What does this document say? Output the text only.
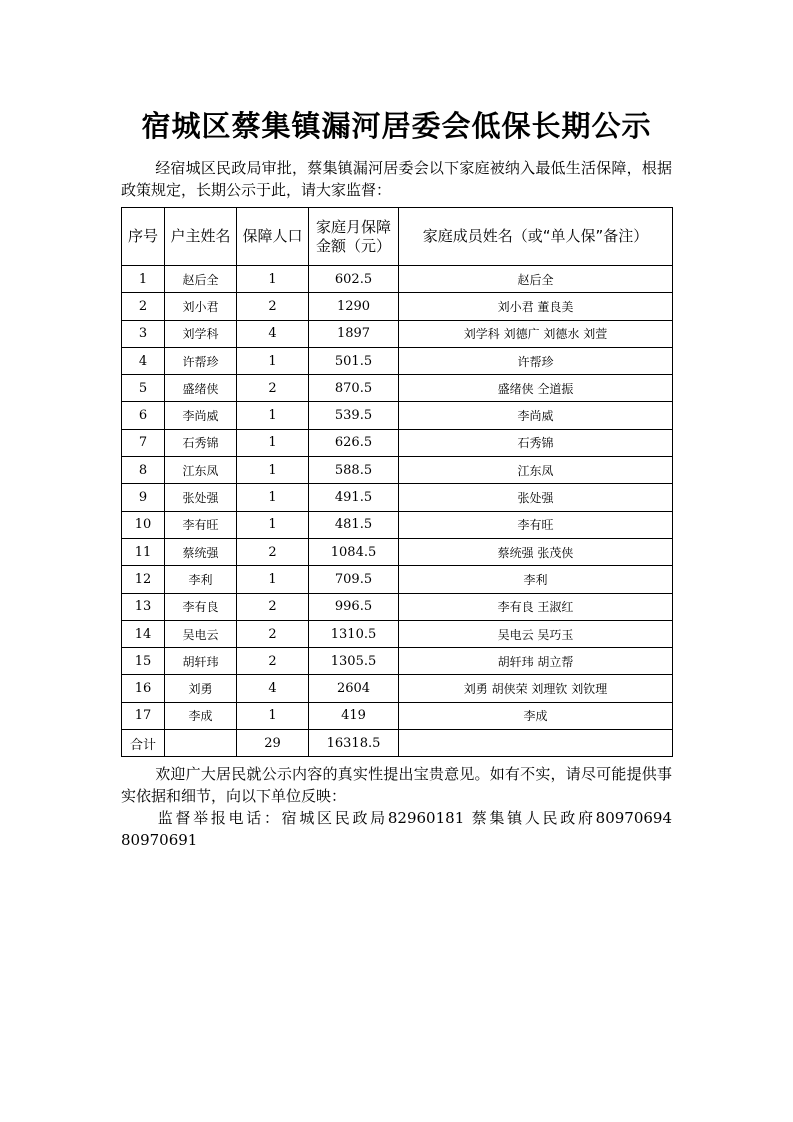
宿城区蔡集镇漏河居委会低保长期公示
经宿城区民政局审批，蔡集镇漏河居委会以下家庭被纳入最低生活保障，根据政策规定，长期公示于此，请大家监督：
序号	户主姓名	保障人口	家庭月保障
金额（元）	家庭成员姓名（或“单人保”备注）
1	赵后全	1	602.5	赵后全
2	刘小君	2	1290	刘小君 董良美
3	刘学科	4	1897	刘学科 刘德广 刘德水 刘萱
4	许帮珍	1	501.5	许帮珍
5	盛绪侠	2	870.5	盛绪侠 仝道振
6	李尚威	1	539.5	李尚威
7	石秀锦	1	626.5	石秀锦
8	江东凤	1	588.5	江东凤
9	张处强	1	491.5	张处强
10	李有旺	1	481.5	李有旺
11	蔡统强	2	1084.5	蔡统强 张茂侠
12	李利	1	709.5	李利
13	李有良	2	996.5	李有良 王淑红
14	吴电云	2	1310.5	吴电云 吴巧玉
15	胡轩玮	2	1305.5	胡轩玮 胡立帮
16	刘勇	4	2604	刘勇 胡侠荣 刘理钦 刘钦理
17	李成	1	419	李成
合计		29	16318.5	
欢迎广大居民就公示内容的真实性提出宝贵意见。如有不实，请尽可能提供事实依据和细节，向以下单位反映：
监督举报电话：宿城区民政局82960181 蔡集镇人民政府80970694 80970691
